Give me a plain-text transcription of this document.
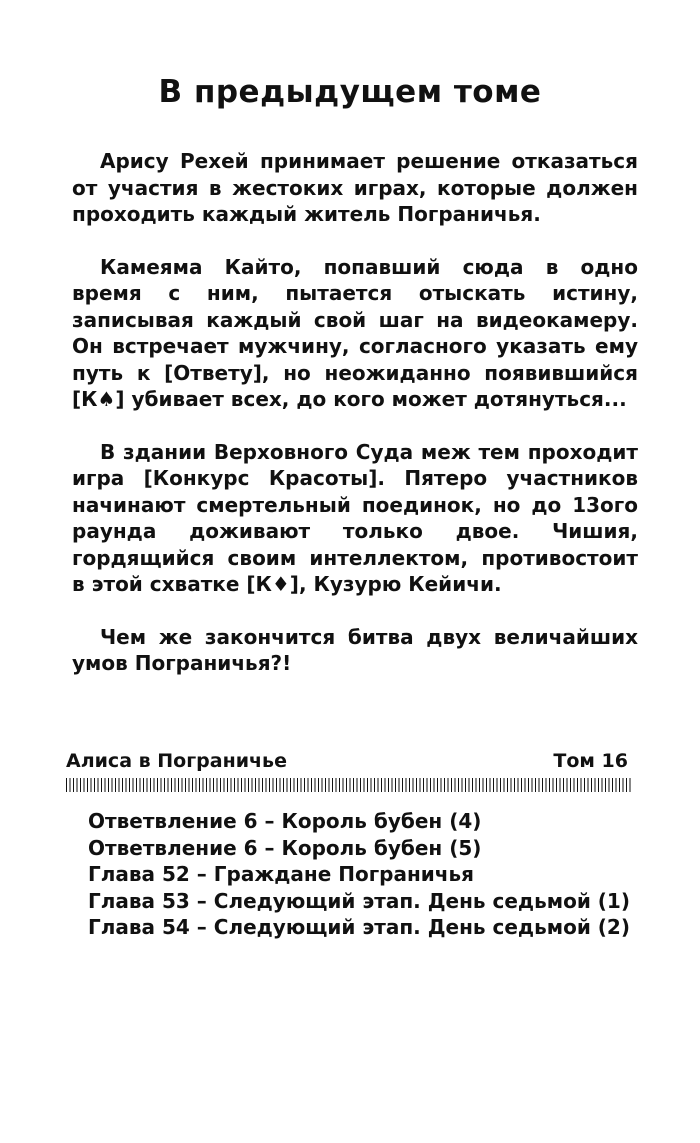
В предыдущем томе

Арису Рехей принимает решение отказаться от участия в жестоких играх, которые должен проходить каждый житель Пограничья.

Камеяма Кайто, попавший сюда в одно время с ним, пытается отыскать истину, записывая каждый свой шаг на видеокамеру. Он встречает мужчину, согласного указать ему путь к [Ответу], но неожиданно появившийся [К♠] убивает всех, до кого может дотянуться...

В здании Верховного Суда меж тем проходит игра [Конкурс Красоты]. Пятеро участников начинают смертельный поединок, но до 13ого раунда доживают только двое. Чишия, гордящийся своим интеллектом, противостоит в этой схватке [К♦], Кузурю Кейичи.

Чем же закончится битва двух величайших умов Пограничья?!

Алиса в Пограничье	Том 16
Ответвление 6 – Король бубен (4)
Ответвление 6 – Король бубен (5)
Глава 52 – Граждане Пограничья
Глава 53 – Следующий этап. День седьмой (1)
Глава 54 – Следующий этап. День седьмой (2)
